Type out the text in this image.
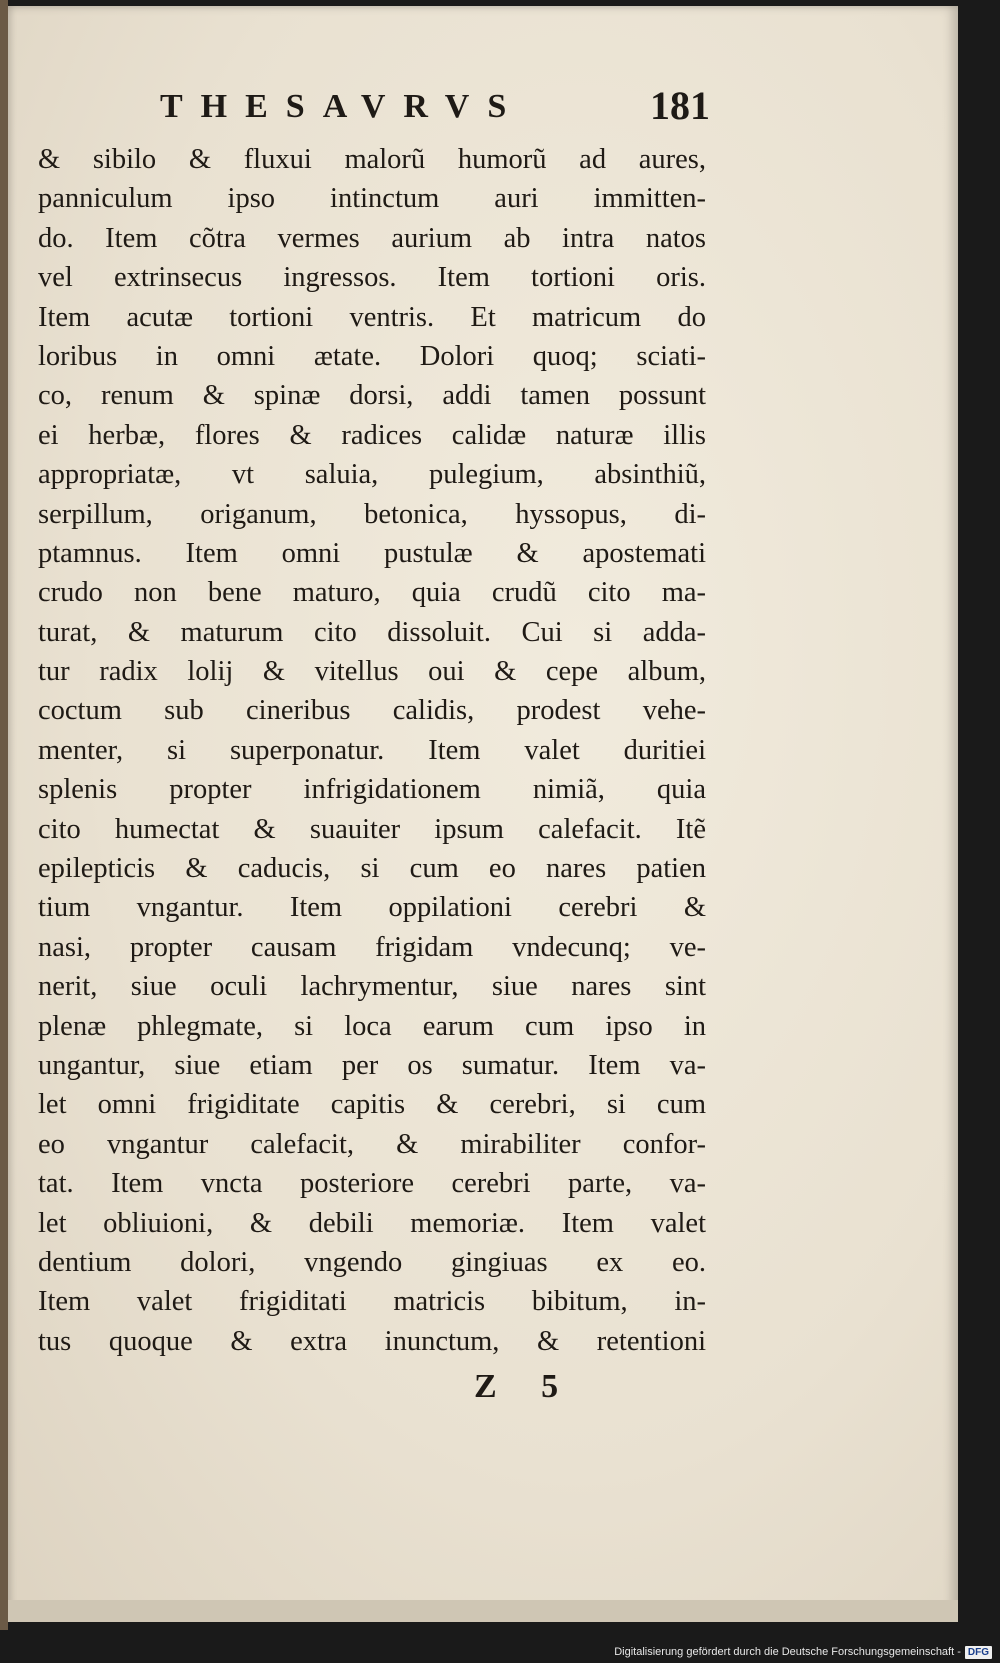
THESAVRVS	181
& sibilo & fluxui malorũ humorũ ad aures,
panniculum ipso intinctum auri immitten-
do. Item cõtra vermes aurium ab intra natos
vel extrinsecus ingressos. Item tortioni oris.
Item acutæ tortioni ventris. Et matricum do
loribus in omni ætate. Dolori quoq; sciati-
co, renum & spinæ dorsi, addi tamen possunt
ei herbæ, flores & radices calidæ naturæ illis
appropriatæ, vt saluia, pulegium, absinthiũ,
serpillum, origanum, betonica, hyssopus, di-
ptamnus. Item omni pustulæ & apostemati
crudo non bene maturo, quia crudũ cito ma-
turat, & maturum cito dissoluit. Cui si adda-
tur radix lolij & vitellus oui & cepe album,
coctum sub cineribus calidis, prodest vehe-
menter, si superponatur. Item valet duritiei
splenis propter infrigidationem nimiã, quia
cito humectat & suauiter ipsum calefacit. Itẽ
epilepticis & caducis, si cum eo nares patien
tium vngantur. Item oppilationi cerebri &
nasi, propter causam frigidam vndecunq; ve-
nerit, siue oculi lachrymentur, siue nares sint
plenæ phlegmate, si loca earum cum ipso in
ungantur, siue etiam per os sumatur. Item va-
let omni frigiditate capitis & cerebri, si cum
eo vngantur calefacit, & mirabiliter confor-
tat. Item vncta posteriore cerebri parte, va-
let obliuioni, & debili memoriæ. Item valet
dentium dolori, vngendo gingiuas ex eo.
Item valet frigiditati matricis bibitum, in-
tus quoque & extra inunctum, & retentioni
Z 5
Digitalisierung gefördert durch die Deutsche Forschungsgemeinschaft - DFG
